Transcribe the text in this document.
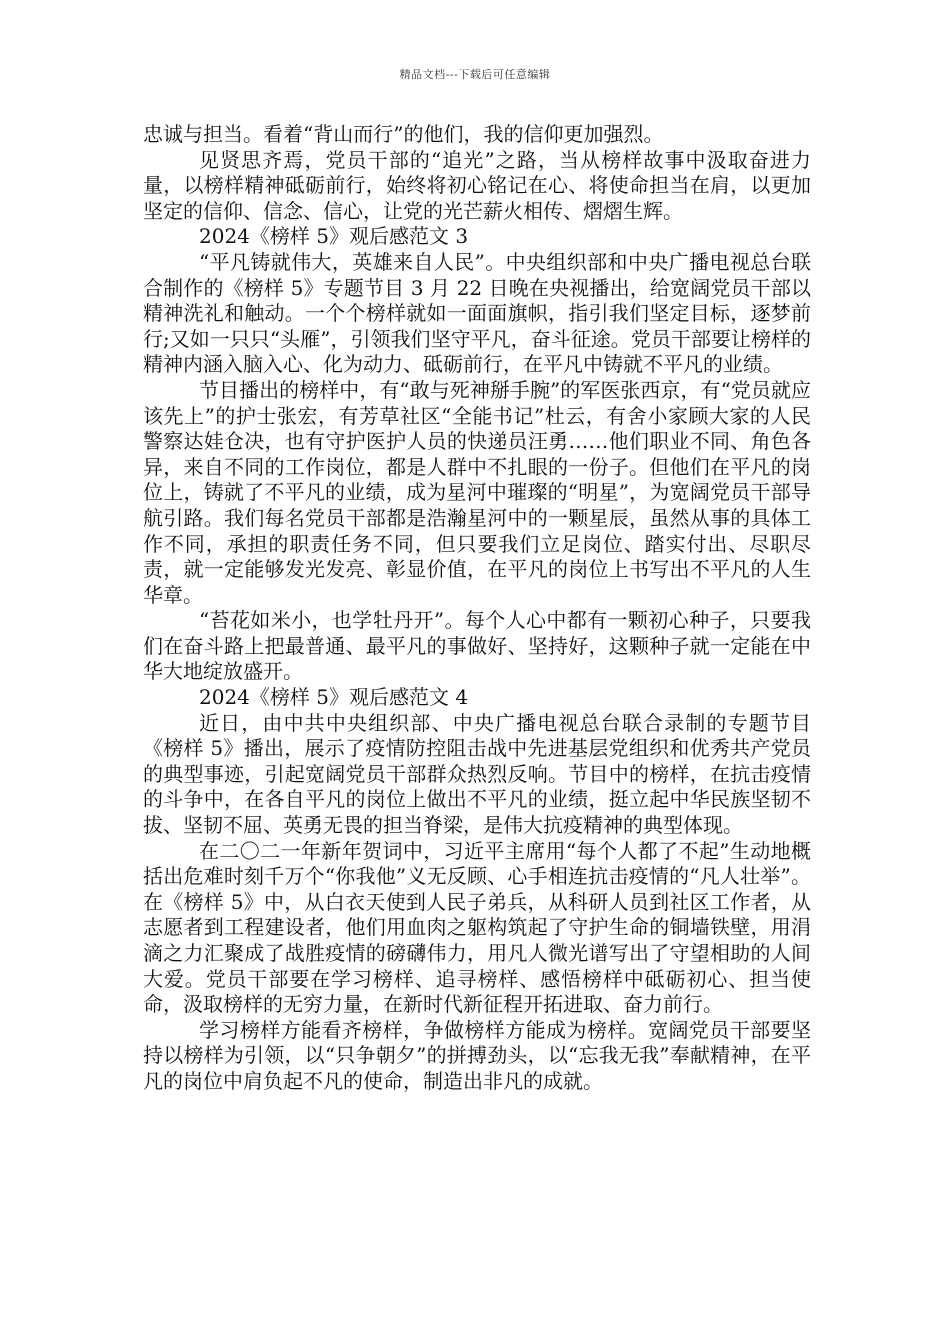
精品文档---下载后可任意编辑

忠诚与担当。看着“背山而行”的他们，我的信仰更加强烈。

见贤思齐焉，党员干部的“追光”之路，当从榜样故事中汲取奋进力量，以榜样精神砥砺前行，始终将初心铭记在心、将使命担当在肩，以更加坚定的信仰、信念、信心，让党的光芒薪火相传、熠熠生辉。

2024《榜样 5》观后感范文 3

“平凡铸就伟大，英雄来自人民”。中央组织部和中央广播电视总台联合制作的《榜样 5》专题节目 3 月 22 日晚在央视播出，给宽阔党员干部以精神洗礼和触动。一个个榜样就如一面面旗帜，指引我们坚定目标，逐梦前行;又如一只只“头雁”，引领我们坚守平凡，奋斗征途。党员干部要让榜样的精神内涵入脑入心、化为动力、砥砺前行，在平凡中铸就不平凡的业绩。

节目播出的榜样中，有“敢与死神掰手腕”的军医张西京，有“党员就应该先上”的护士张宏，有芳草社区“全能书记”杜云，有舍小家顾大家的人民警察达娃仓决，也有守护医护人员的快递员汪勇……他们职业不同、角色各异，来自不同的工作岗位，都是人群中不扎眼的一份子。但他们在平凡的岗位上，铸就了不平凡的业绩，成为星河中璀璨的“明星”，为宽阔党员干部导航引路。我们每名党员干部都是浩瀚星河中的一颗星辰，虽然从事的具体工作不同，承担的职责任务不同，但只要我们立足岗位、踏实付出、尽职尽责，就一定能够发光发亮、彰显价值，在平凡的岗位上书写出不平凡的人生华章。

“苔花如米小，也学牡丹开”。每个人心中都有一颗初心种子，只要我们在奋斗路上把最普通、最平凡的事做好、坚持好，这颗种子就一定能在中华大地绽放盛开。

2024《榜样 5》观后感范文 4

近日，由中共中央组织部、中央广播电视总台联合录制的专题节目《榜样 5》播出，展示了疫情防控阻击战中先进基层党组织和优秀共产党员的典型事迹，引起宽阔党员干部群众热烈反响。节目中的榜样，在抗击疫情的斗争中，在各自平凡的岗位上做出不平凡的业绩，挺立起中华民族坚韧不拔、坚韧不屈、英勇无畏的担当脊梁，是伟大抗疫精神的典型体现。

在二〇二一年新年贺词中，习近平主席用“每个人都了不起”生动地概括出危难时刻千万个“你我他”义无反顾、心手相连抗击疫情的“凡人壮举”。在《榜样 5》中，从白衣天使到人民子弟兵，从科研人员到社区工作者，从志愿者到工程建设者，他们用血肉之躯构筑起了守护生命的铜墙铁壁，用涓滴之力汇聚成了战胜疫情的磅礴伟力，用凡人微光谱写出了守望相助的人间大爱。党员干部要在学习榜样、追寻榜样、感悟榜样中砥砺初心、担当使命，汲取榜样的无穷力量，在新时代新征程开拓进取、奋力前行。

学习榜样方能看齐榜样，争做榜样方能成为榜样。宽阔党员干部要坚持以榜样为引领，以“只争朝夕”的拼搏劲头，以“忘我无我”奉献精神，在平凡的岗位中肩负起不凡的使命，制造出非凡的成就。
